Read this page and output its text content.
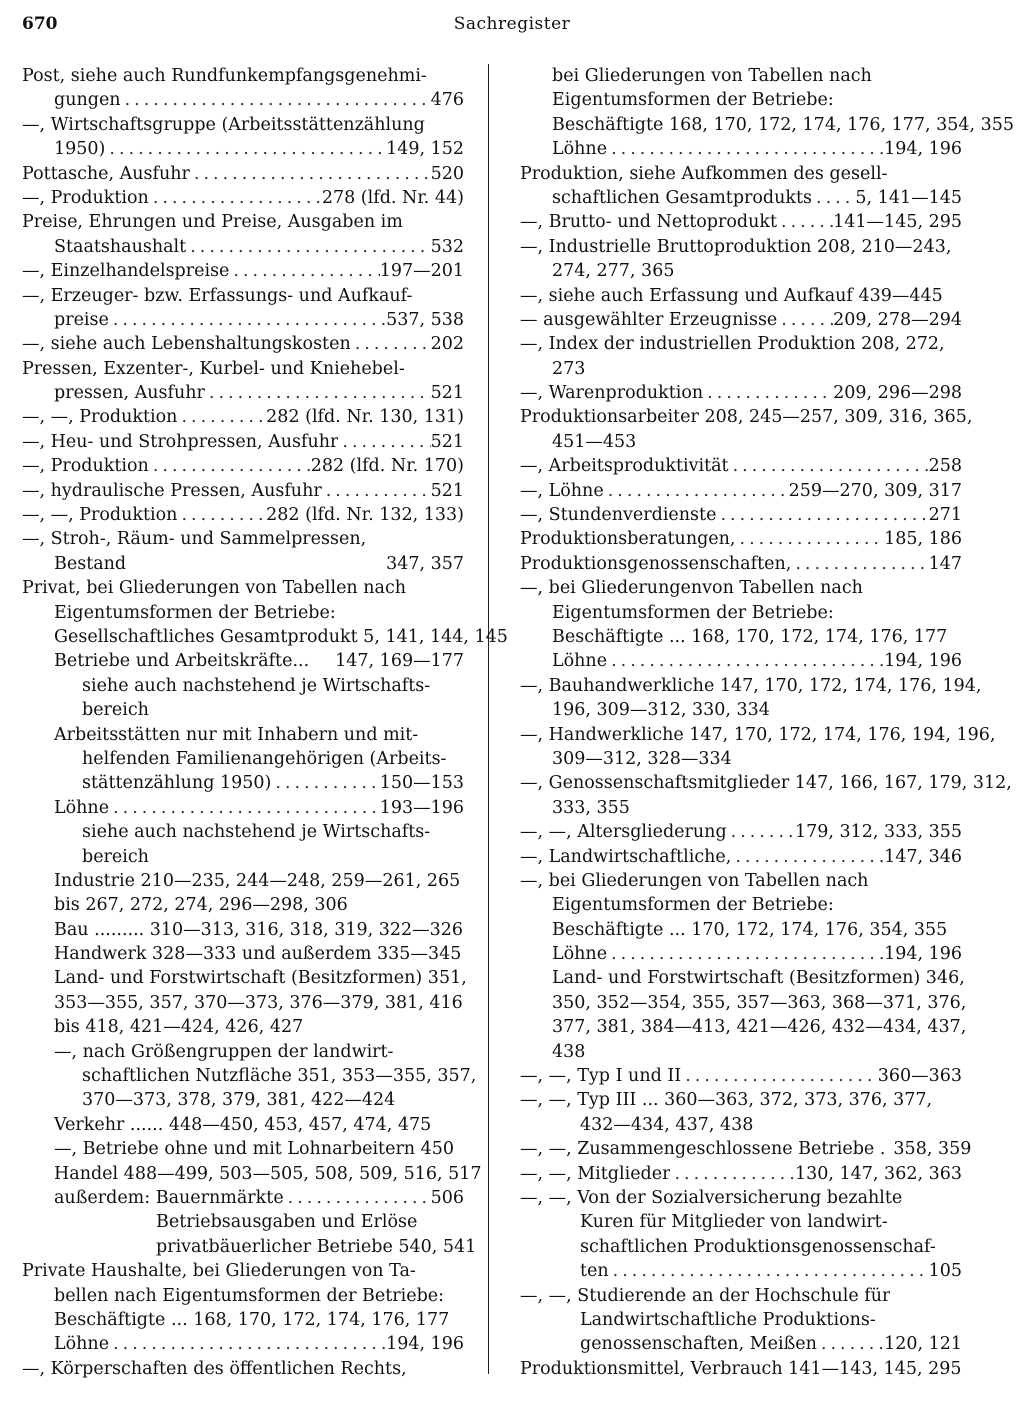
670	Sachregister
Post, siehe auch Rundfunkempfangsgenehmi-
gungen .....	476
—, Wirtschaftsgruppe (Arbeitsstättenzählung
1950) .....	149, 152
Pottasche, Ausfuhr .....	520
—, Produktion .....	278 (lfd. Nr. 44)
Preise, Ehrungen und Preise, Ausgaben im
Staatshaushalt .....	532
—, Einzelhandelspreise .....	197—201
—, Erzeuger- bzw. Erfassungs- und Aufkauf-
preise .....	537, 538
—, siehe auch Lebenshaltungskosten .....	202
Pressen, Exzenter-, Kurbel- und Kniehebel-
pressen, Ausfuhr .....	521
—, —, Produktion .....	282 (lfd. Nr. 130, 131)
—, Heu- und Strohpressen, Ausfuhr .....	521
—, Produktion .....	282 (lfd. Nr. 170)
—, hydraulische Pressen, Ausfuhr .....	521
—, —, Produktion .....	282 (lfd. Nr. 132, 133)
—, Stroh-, Räum- und Sammelpressen,
Bestand	347, 357
Privat, bei Gliederungen von Tabellen nach
Eigentumsformen der Betriebe:
Gesellschaftliches Gesamtprodukt 5, 141, 144, 145
Betriebe und Arbeitskräfte... 147, 169—177
siehe auch nachstehend je Wirtschafts-
bereich
Arbeitsstätten nur mit Inhabern und mit-
helfenden Familienangehörigen (Arbeits-
stättenzählung 1950) .....	150—153
Löhne .....	193—196
siehe auch nachstehend je Wirtschafts-
bereich
Industrie 210—235, 244—248, 259—261, 265
bis 267, 272, 274, 296—298, 306
Bau ......... 310—313, 316, 318, 319, 322—326
Handwerk 328—333 und außerdem 335—345
Land- und Forstwirtschaft (Besitzformen) 351,
353—355, 357, 370—373, 376—379, 381, 416
bis 418, 421—424, 426, 427
—, nach Größengruppen der landwirt-
schaftlichen Nutzfläche 351, 353—355, 357,
370—373, 378, 379, 381, 422—424
Verkehr ...... 448—450, 453, 457, 474, 475
—, Betriebe ohne und mit Lohnarbeitern 450
Handel 488—499, 503—505, 508, 509, 516, 517
außerdem: Bauernmärkte .....	506
Betriebsausgaben und Erlöse
privatbäuerlicher Betriebe 540, 541
Private Haushalte, bei Gliederungen von Ta-
bellen nach Eigentumsformen der Betriebe:
Beschäftigte ... 168, 170, 172, 174, 176, 177
Löhne .....	194, 196
—, Körperschaften des öffentlichen Rechts,
bei Gliederungen von Tabellen nach
Eigentumsformen der Betriebe:
Beschäftigte 168, 170, 172, 174, 176, 177, 354, 355
Löhne .....	194, 196
Produktion, siehe Aufkommen des gesell-
schaftlichen Gesamtprodukts ..... 5, 141—145
—, Brutto- und Nettoprodukt .....	141—145, 295
—, Industrielle Bruttoproduktion 208, 210—243,
274, 277, 365
—, siehe auch Erfassung und Aufkauf 439—445
— ausgewählter Erzeugnisse .....	209, 278—294
—, Index der industriellen Produktion 208, 272,
273
—, Warenproduktion .....	209, 296—298
Produktionsarbeiter 208, 245—257, 309, 316, 365,
451—453
—, Arbeitsproduktivität .....	258
—, Löhne .....	259—270, 309, 317
—, Stundenverdienste .....	271
Produktionsberatungen, .....	185, 186
Produktionsgenossenschaften, .....	147
—, bei Gliederungenvon Tabellen nach
Eigentumsformen der Betriebe:
Beschäftigte ... 168, 170, 172, 174, 176, 177
Löhne .....	194, 196
—, Bauhandwerkliche 147, 170, 172, 174, 176, 194,
196, 309—312, 330, 334
—, Handwerkliche 147, 170, 172, 174, 176, 194, 196,
309—312, 328—334
—, Genossenschaftsmitglieder 147, 166, 167, 179, 312,
333, 355
—, —, Altersgliederung .....	179, 312, 333, 355
—, Landwirtschaftliche, .....	147, 346
—, bei Gliederungen von Tabellen nach
Eigentumsformen der Betriebe:
Beschäftigte ... 170, 172, 174, 176, 354, 355
Löhne .....	194, 196
Land- und Forstwirtschaft (Besitzformen) 346,
350, 352—354, 355, 357—363, 368—371, 376,
377, 381, 384—413, 421—426, 432—434, 437,
438
—, —, Typ I und II .....	360—363
—, —, Typ III ... 360—363, 372, 373, 376, 377,
432—434, 437, 438
—, —, Zusammengeschlossene Betriebe . 358, 359
—, —, Mitglieder .....	130, 147, 362, 363
—, —, Von der Sozialversicherung bezahlte
Kuren für Mitglieder von landwirt-
schaftlichen Produktionsgenossenschaf-
ten .....	105
—, —, Studierende an der Hochschule für
Landwirtschaftliche Produktions-
genossenschaften, Meißen .....	120, 121
Produktionsmittel, Verbrauch 141—143, 145, 295
